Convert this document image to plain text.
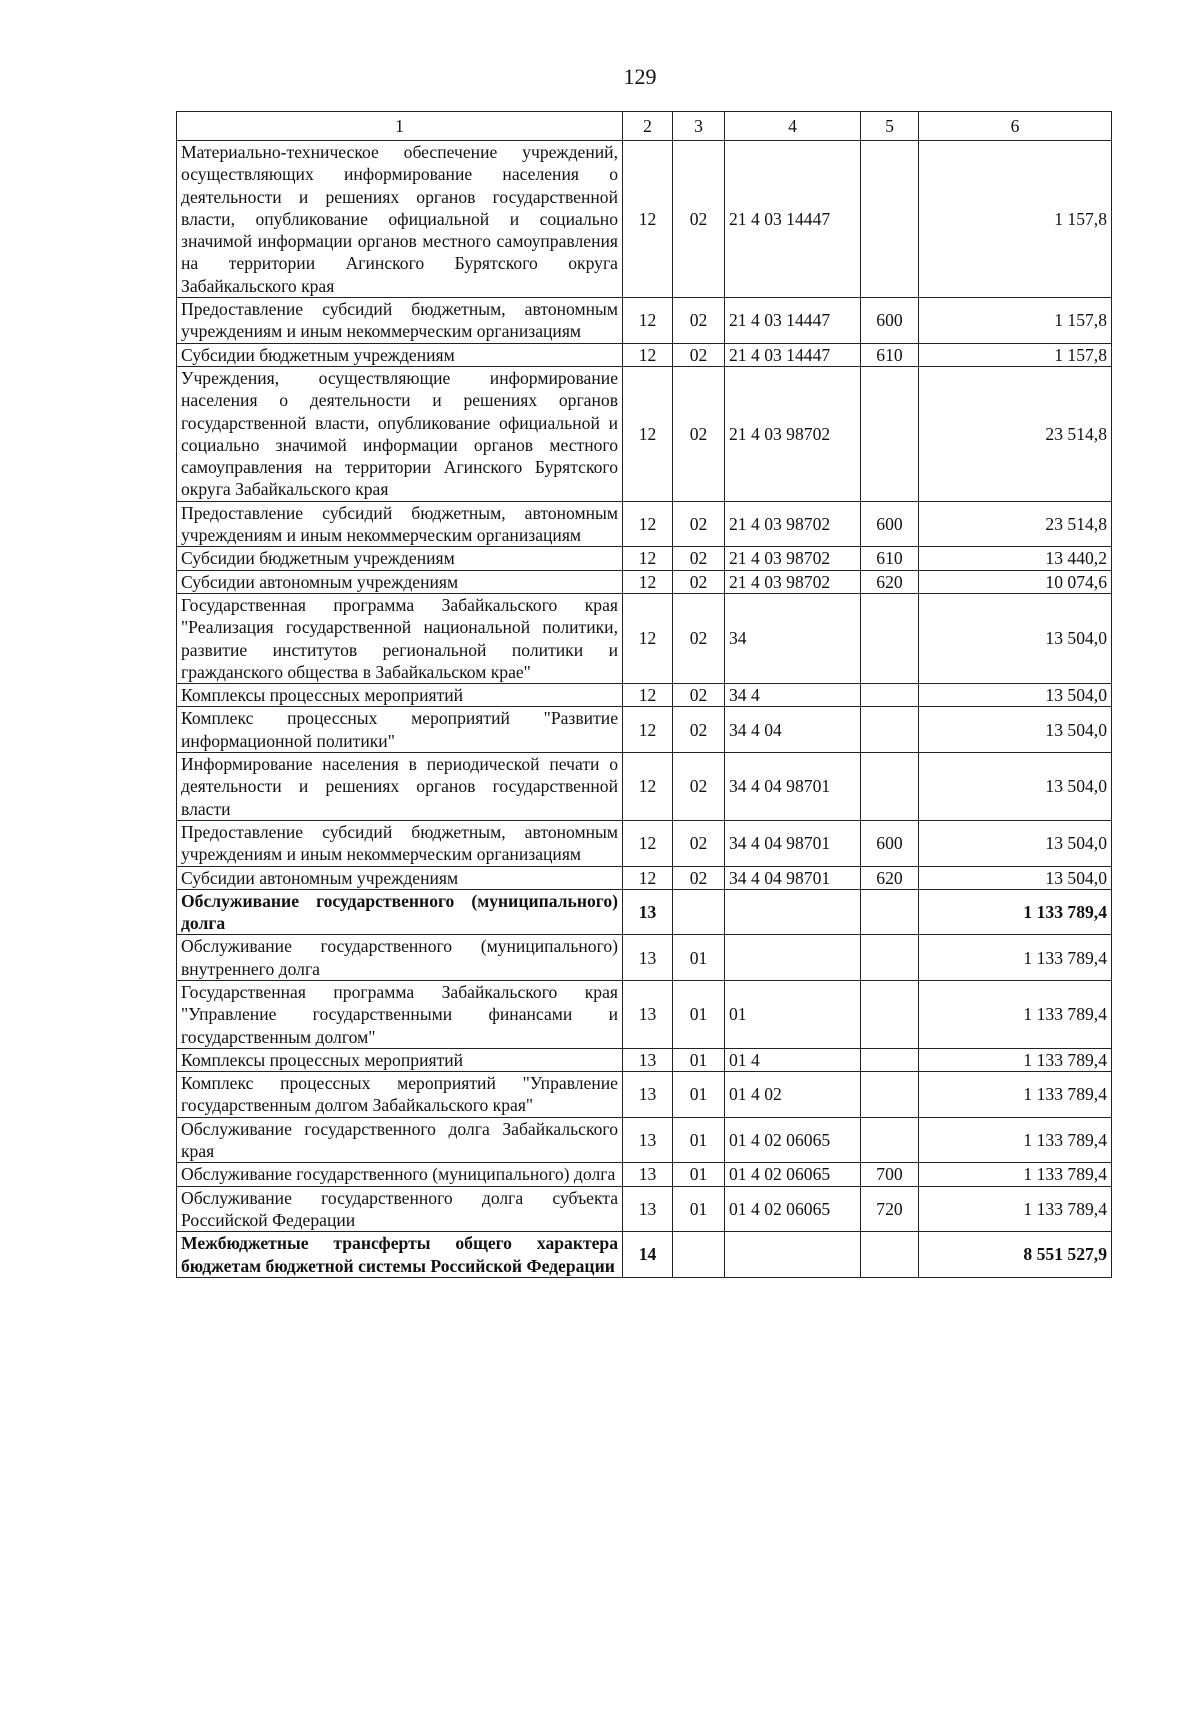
129
1	2	3	4	5	6
Материально-техническое обеспечение учреждений, осуществляющих информирование населения о деятельности и решениях органов государственной власти, опубликование официальной и социально значимой информации органов местного самоуправления на территории Агинского Бурятского округа Забайкальского края	12	02	21 4 03 14447		1 157,8
Предоставление субсидий бюджетным, автономным учреждениям и иным некоммерческим организациям	12	02	21 4 03 14447	600	1 157,8
Субсидии бюджетным учреждениям	12	02	21 4 03 14447	610	1 157,8
Учреждения, осуществляющие информирование населения о деятельности и решениях органов государственной власти, опубликование официальной и социально значимой информации органов местного самоуправления на территории Агинского Бурятского округа Забайкальского края	12	02	21 4 03 98702		23 514,8
Предоставление субсидий бюджетным, автономным учреждениям и иным некоммерческим организациям	12	02	21 4 03 98702	600	23 514,8
Субсидии бюджетным учреждениям	12	02	21 4 03 98702	610	13 440,2
Субсидии автономным учреждениям	12	02	21 4 03 98702	620	10 074,6
Государственная программа Забайкальского края "Реализация государственной национальной политики, развитие институтов региональной политики и гражданского общества в Забайкальском крае"	12	02	34		13 504,0
Комплексы процессных мероприятий	12	02	34 4		13 504,0
Комплекс процессных мероприятий "Развитие информационной политики"	12	02	34 4 04		13 504,0
Информирование населения в периодической печати о деятельности и решениях органов государственной власти	12	02	34 4 04 98701		13 504,0
Предоставление субсидий бюджетным, автономным учреждениям и иным некоммерческим организациям	12	02	34 4 04 98701	600	13 504,0
Субсидии автономным учреждениям	12	02	34 4 04 98701	620	13 504,0
Обслуживание государственного (муниципального) долга	13				1 133 789,4
Обслуживание государственного (муниципального) внутреннего долга	13	01			1 133 789,4
Государственная программа Забайкальского края "Управление государственными финансами и государственным долгом"	13	01	01		1 133 789,4
Комплексы процессных мероприятий	13	01	01 4		1 133 789,4
Комплекс процессных мероприятий "Управление государственным долгом Забайкальского края"	13	01	01 4 02		1 133 789,4
Обслуживание государственного долга Забайкальского края	13	01	01 4 02 06065		1 133 789,4
Обслуживание государственного (муниципального) долга	13	01	01 4 02 06065	700	1 133 789,4
Обслуживание государственного долга субъекта Российской Федерации	13	01	01 4 02 06065	720	1 133 789,4
Межбюджетные трансферты общего характера бюджетам бюджетной системы Российской Федерации	14				8 551 527,9
